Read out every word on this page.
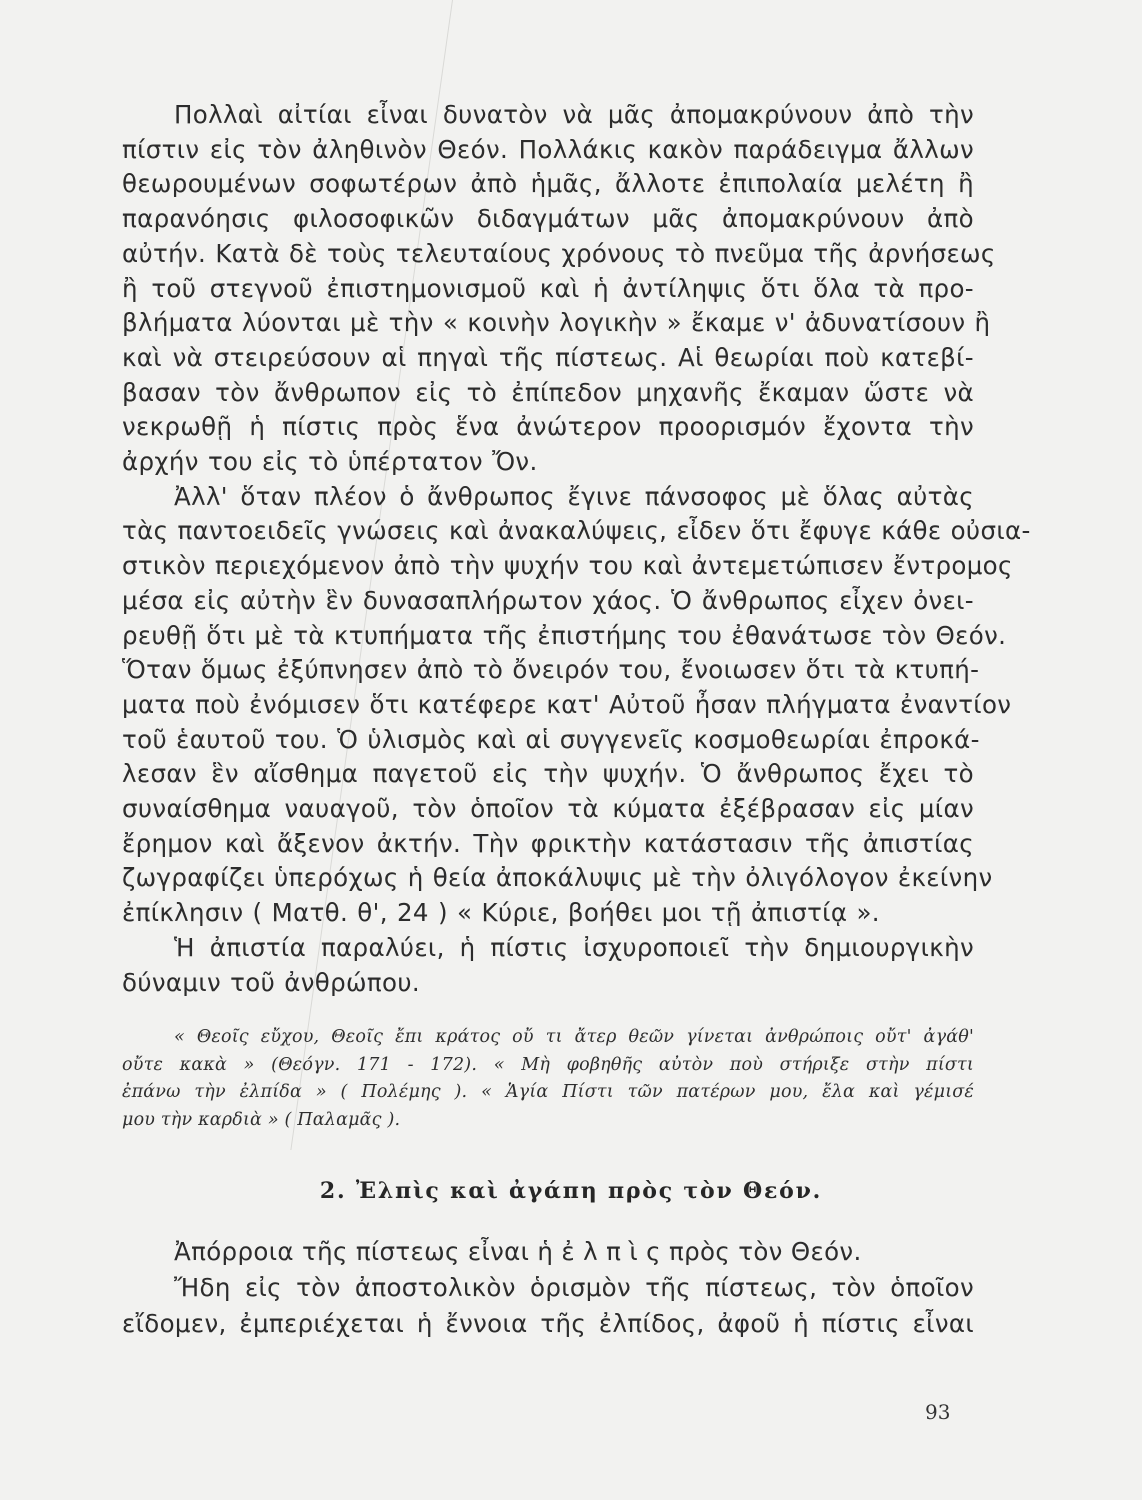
Πολλαὶ αἰτίαι εἶναι δυνατὸν νὰ μᾶς ἀπομακρύνουν ἀπὸ τὴν
πίστιν εἰς τὸν ἀληθινὸν Θεόν. Πολλάκις κακὸν παράδειγμα ἄλλων
θεωρουμένων σοφωτέρων ἀπὸ ἡμᾶς, ἄλλοτε ἐπιπολαία μελέτη ἢ
παρανόησις φιλοσοφικῶν διδαγμάτων μᾶς ἀπομακρύνουν ἀπὸ
αὐτήν. Κατὰ δὲ τοὺς τελευταίους χρόνους τὸ πνεῦμα τῆς ἀρνήσεως
ἢ τοῦ στεγνοῦ ἐπιστημονισμοῦ καὶ ἡ ἀντίληψις ὅτι ὅλα τὰ προ-
βλήματα λύονται μὲ τὴν « κοινὴν λογικὴν » ἔκαμε ν' ἀδυνατίσουν ἢ
καὶ νὰ στειρεύσουν αἱ πηγαὶ τῆς πίστεως. Αἱ θεωρίαι ποὺ κατεβί-
βασαν τὸν ἄνθρωπον εἰς τὸ ἐπίπεδον μηχανῆς ἔκαμαν ὥστε νὰ
νεκρωθῇ ἡ πίστις πρὸς ἕνα ἀνώτερον προορισμόν ἔχοντα τὴν
ἀρχήν του εἰς τὸ ὑπέρτατον Ὄν.
Ἀλλ' ὅταν πλέον ὁ ἄνθρωπος ἔγινε πάνσοφος μὲ ὅλας αὐτὰς
τὰς παντοειδεῖς γνώσεις καὶ ἀνακαλύψεις, εἶδεν ὅτι ἔφυγε κάθε οὐσια-
στικὸν περιεχόμενον ἀπὸ τὴν ψυχήν του καὶ ἀντεμετώπισεν ἔντρομος
μέσα εἰς αὐτὴν ἓν δυνασαπλήρωτον χάος. Ὁ ἄνθρωπος εἶχεν ὀνει-
ρευθῇ ὅτι μὲ τὰ κτυπήματα τῆς ἐπιστήμης του ἐθανάτωσε τὸν Θεόν.
Ὅταν ὅμως ἐξύπνησεν ἀπὸ τὸ ὄνειρόν του, ἔνοιωσεν ὅτι τὰ κτυπή-
ματα ποὺ ἐνόμισεν ὅτι κατέφερε κατ' Αὐτοῦ ἦσαν πλήγματα ἐναντίον
τοῦ ἑαυτοῦ του. Ὁ ὑλισμὸς καὶ αἱ συγγενεῖς κοσμοθεωρίαι ἐπροκά-
λεσαν ἓν αἴσθημα παγετοῦ εἰς τὴν ψυχήν. Ὁ ἄνθρωπος ἔχει τὸ
συναίσθημα ναυαγοῦ, τὸν ὁποῖον τὰ κύματα ἐξέβρασαν εἰς μίαν
ἔρημον καὶ ἄξενον ἀκτήν. Τὴν φρικτὴν κατάστασιν τῆς ἀπιστίας
ζωγραφίζει ὑπερόχως ἡ θεία ἀποκάλυψις μὲ τὴν ὀλιγόλογον ἐκείνην
ἐπίκλησιν ( Ματθ. θ', 24 ) « Κύριε, βοήθει μοι τῇ ἀπιστίᾳ ».
Ἡ ἀπιστία παραλύει, ἡ πίστις ἰσχυροποιεῖ τὴν δημιουργικὴν
δύναμιν τοῦ ἀνθρώπου.
« Θεοῖς εὔχου, Θεοῖς ἔπι κράτος οὔ τι ἄτερ θεῶν γίνεται ἀνθρώποις οὔτ' ἀγάθ'
οὔτε κακὰ » (Θεόγν. 171 - 172). « Μὴ φοβηθῆς αὐτὸν ποὺ στήριξε στὴν πίστι
ἐπάνω τὴν ἐλπίδα » ( Πολέμης ). « Ἁγία Πίστι τῶν πατέρων μου, ἔλα καὶ γέμισέ
μου τὴν καρδιὰ » ( Παλαμᾶς ).
2. Ἐλπὶς καὶ ἀγάπη πρὸς τὸν Θεόν.
Ἀπόρροια τῆς πίστεως εἶναι ἡ ἐ λ π ὶ ς πρὸς τὸν Θεόν.
Ἤδη εἰς τὸν ἀποστολικὸν ὁρισμὸν τῆς πίστεως, τὸν ὁποῖον
εἴδομεν, ἐμπεριέχεται ἡ ἔννοια τῆς ἐλπίδος, ἀφοῦ ἡ πίστις εἶναι
93
